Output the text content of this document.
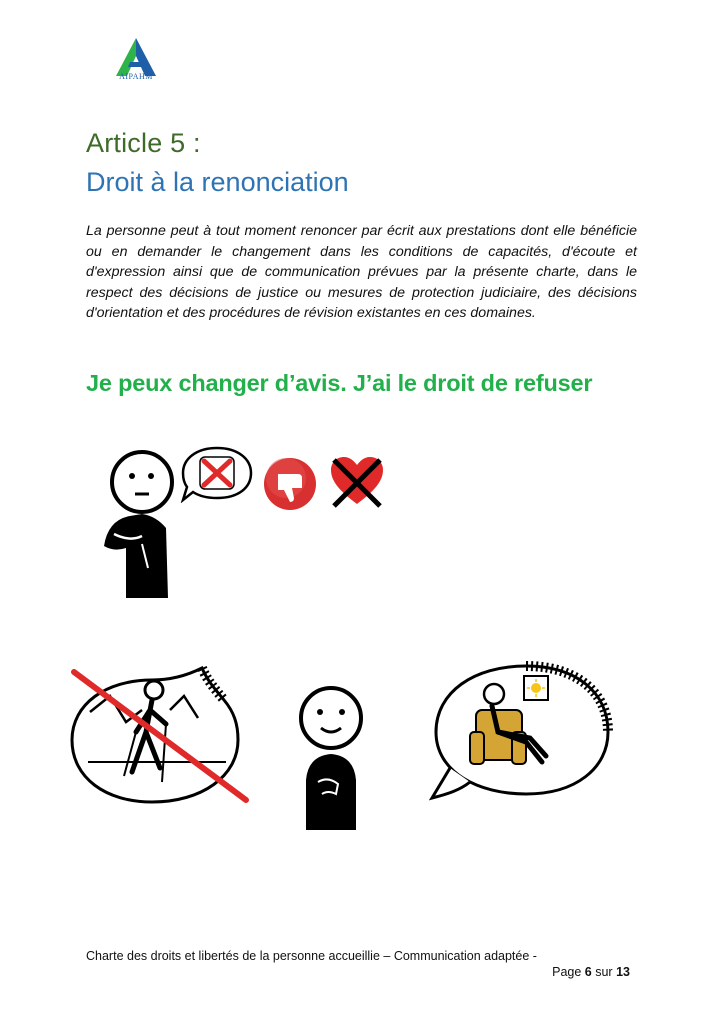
AIPAHM
Article 5 :
Droit à la renonciation
La personne peut à tout moment renoncer par écrit aux prestations dont elle bénéficie ou en demander le changement dans les conditions de capacités, d'écoute et d'expression ainsi que de communication prévues par la présente charte, dans le respect des décisions de justice ou mesures de protection judiciaire, des décisions d'orientation et des procédures de révision existantes en ces domaines.
Je peux changer d’avis. J’ai le droit de refuser
Charte des droits et libertés de la personne accueillie – Communication adaptée -
Page 6 sur 13
